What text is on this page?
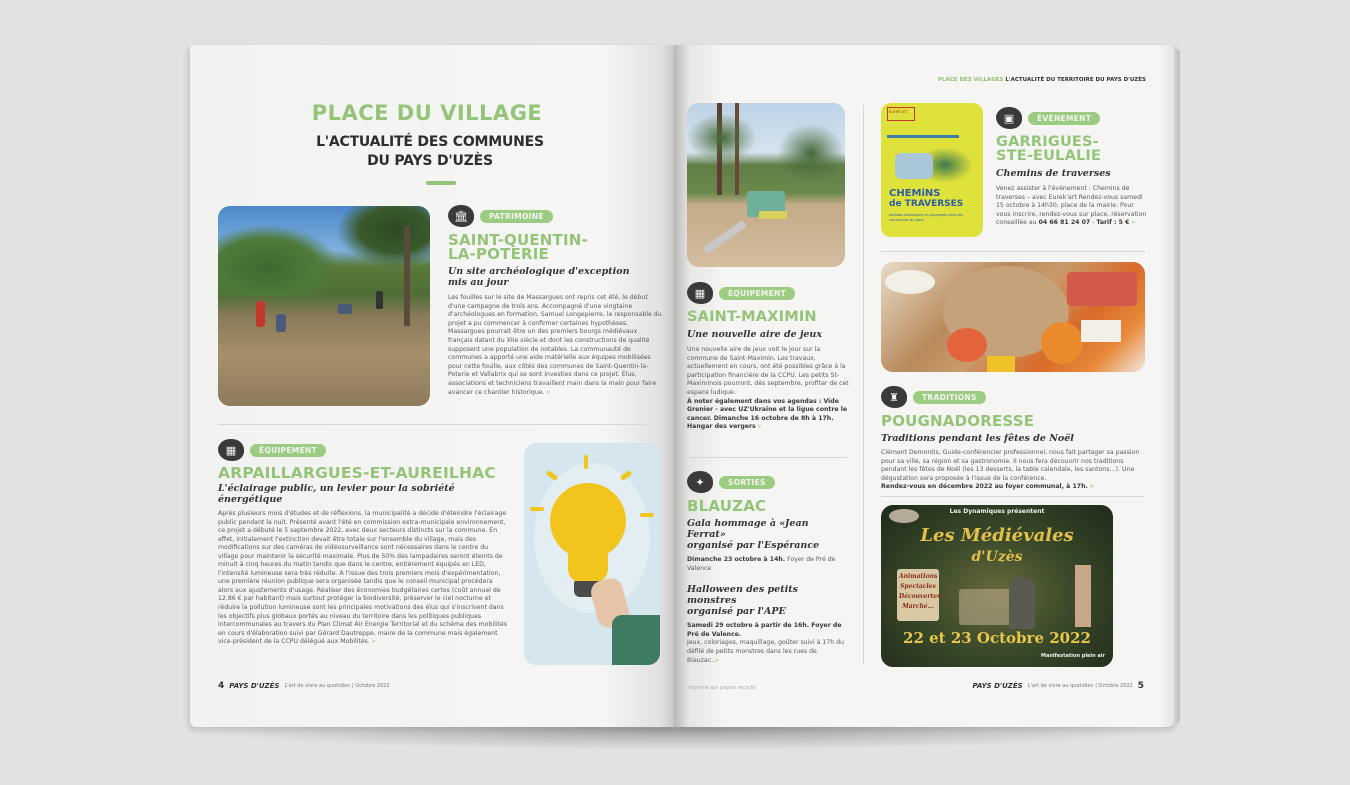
PLACE DU VILLAGE
L'ACTUALITÉ DES COMMUNES
DU PAYS D'UZÈS
🏛	PATRIMOINE
SAINT-QUENTIN-
LA-POTERIE
Un site archéologique d'exception
mis au jour
Les fouilles sur le site de Massargues ont repris cet été, le début d'une campagne de trois ans. Accompagné d'une vingtaine d'archéologues en formation, Samuel Longepierre, le responsable du projet a pu commencer à confirmer certaines hypothèses. Massargues pourrait être un des premiers bourgs médiévaux français datant du XIIe siècle et dont les constructions de qualité supposent une population de notables. La communauté de communes a apporté une aide matérielle aux équipes mobilisées pour cette fouille, aux côtés des communes de Saint-Quentin-la-Poterie et Vallabrix qui se sont investies dans ce projet. Élus, associations et techniciens travaillent main dans la main pour faire avancer ce chantier historique. »
▦	ÉQUIPEMENT
ARPAILLARGUES-ET-AUREILHAC
L'éclairage public, un levier pour la sobriété énergétique
Après plusieurs mois d'études et de réflexions, la municipalité a décidé d'éteindre l'éclairage public pendant la nuit. Présenté avant l'été en commission extra-municipale environnement, ce projet a débuté le 5 septembre 2022, avec deux secteurs distincts sur la commune. En effet, initialement l'extinction devait être totale sur l'ensemble du village, mais des modifications sur des caméras de vidéosurveillance sont nécessaires dans le centre du village pour maintenir la sécurité maximale. Plus de 50% des lampadaires seront éteints de minuit à cinq heures du matin tandis que dans le centre, entièrement équipés en LED, l'intensité lumineuse sera très réduite. A l'issue des trois premiers mois d'expérimentation, une première réunion publique sera organisée tandis que le conseil municipal procédera alors aux ajustements d'usage. Réaliser des économies budgétaires certes (coût annuel de 12.86 € par habitant) mais surtout protéger la biodiversité, préserver le ciel nocturne et réduire la pollution lumineuse sont les principales motivations des élus qui s'inscrivent dans les objectifs plus globaux portés au niveau du territoire dans les politiques publiques intercommunales au travers du Plan Climat Air Energie Territorial et du schéma des mobilités en cours d'élaboration suivi par Gérard Dautreppe, maire de la commune mais également vice-président de la CCPU délégué aux Mobilités. »
4 PAYS D'UZÈS L'art de vivre au quotidien | Octobre 2022
PLACE DES VILLAGES L'ACTUALITÉ DU TERRITOIRE DU PAYS D'UZÈS
▦	ÉQUIPEMENT
SAINT-MAXIMIN
Une nouvelle aire de jeux
Une nouvelle aire de jeux voit le jour sur la commune de Saint-Maximin. Les travaux, actuellement en cours, ont été possibles grâce à la participation financière de la CCPU. Les petits St-Maximinois pourront, dès septembre, profiter de cet espace ludique.
À noter également dans vos agendas : Vide Grenier - avec UZ'Ukraine et la ligue contre le cancer. Dimanche 16 octobre de 8h à 17h. Hangar des vergers »
✦	SORTIES
BLAUZAC
Gala hommage à «Jean Ferrat»
organisé par l'Espérance
Dimanche 23 octobre à 14h. Foyer de Pré de Valence
Halloween des petits monstres
organisé par l'APE
Samedi 29 octobre à partir de 16h. Foyer de Pré de Valence.
Jeux, coloriages, maquillage, goûter suivi à 17h du défilé de petits monstres dans les rues de Blauzac..»
Eurek'art
CHEMiNS
de TRAVERSES
balades artistiques en paysages dans les communes du gard
▣	ÉVÉNEMENT
GARRIGUES-
STE-EULALIE
Chemins de traverses
Venez assister à l'événement : Chemins de traverses – avec Eurek'art Rendez-vous samedi 15 octobre à 14h30, place de la mairie. Pour vous inscrire, rendez-vous sur place, réservation conseillée au 04 66 81 24 07 - Tarif : 5 € »
♜	TRADITIONS
POUGNADORESSE
Traditions pendant les fêtes de Noël
Clément Demontis, Guide-conférencier professionnel, nous fait partager sa passion pour sa ville, sa région et sa gastronomie. Il nous fera découvrir nos traditions pendant les fêtes de Noël (les 13 desserts, la table calendale, les santons…). Une dégustation sera proposée à l'issue de la conférence.
Rendez-vous en décembre 2022 au foyer communal, à 17h. »
Les Dynamiques présentent
Les Médiévales
d'Uzès
Animations
Spectacles
Découvertes
Marché...
22 et 23 Octobre 2022
Manifestation plein air
Imprimé sur papier recyclé	PAYS D'UZÈS L'art de vivre au quotidien | Octobre 2022 5
